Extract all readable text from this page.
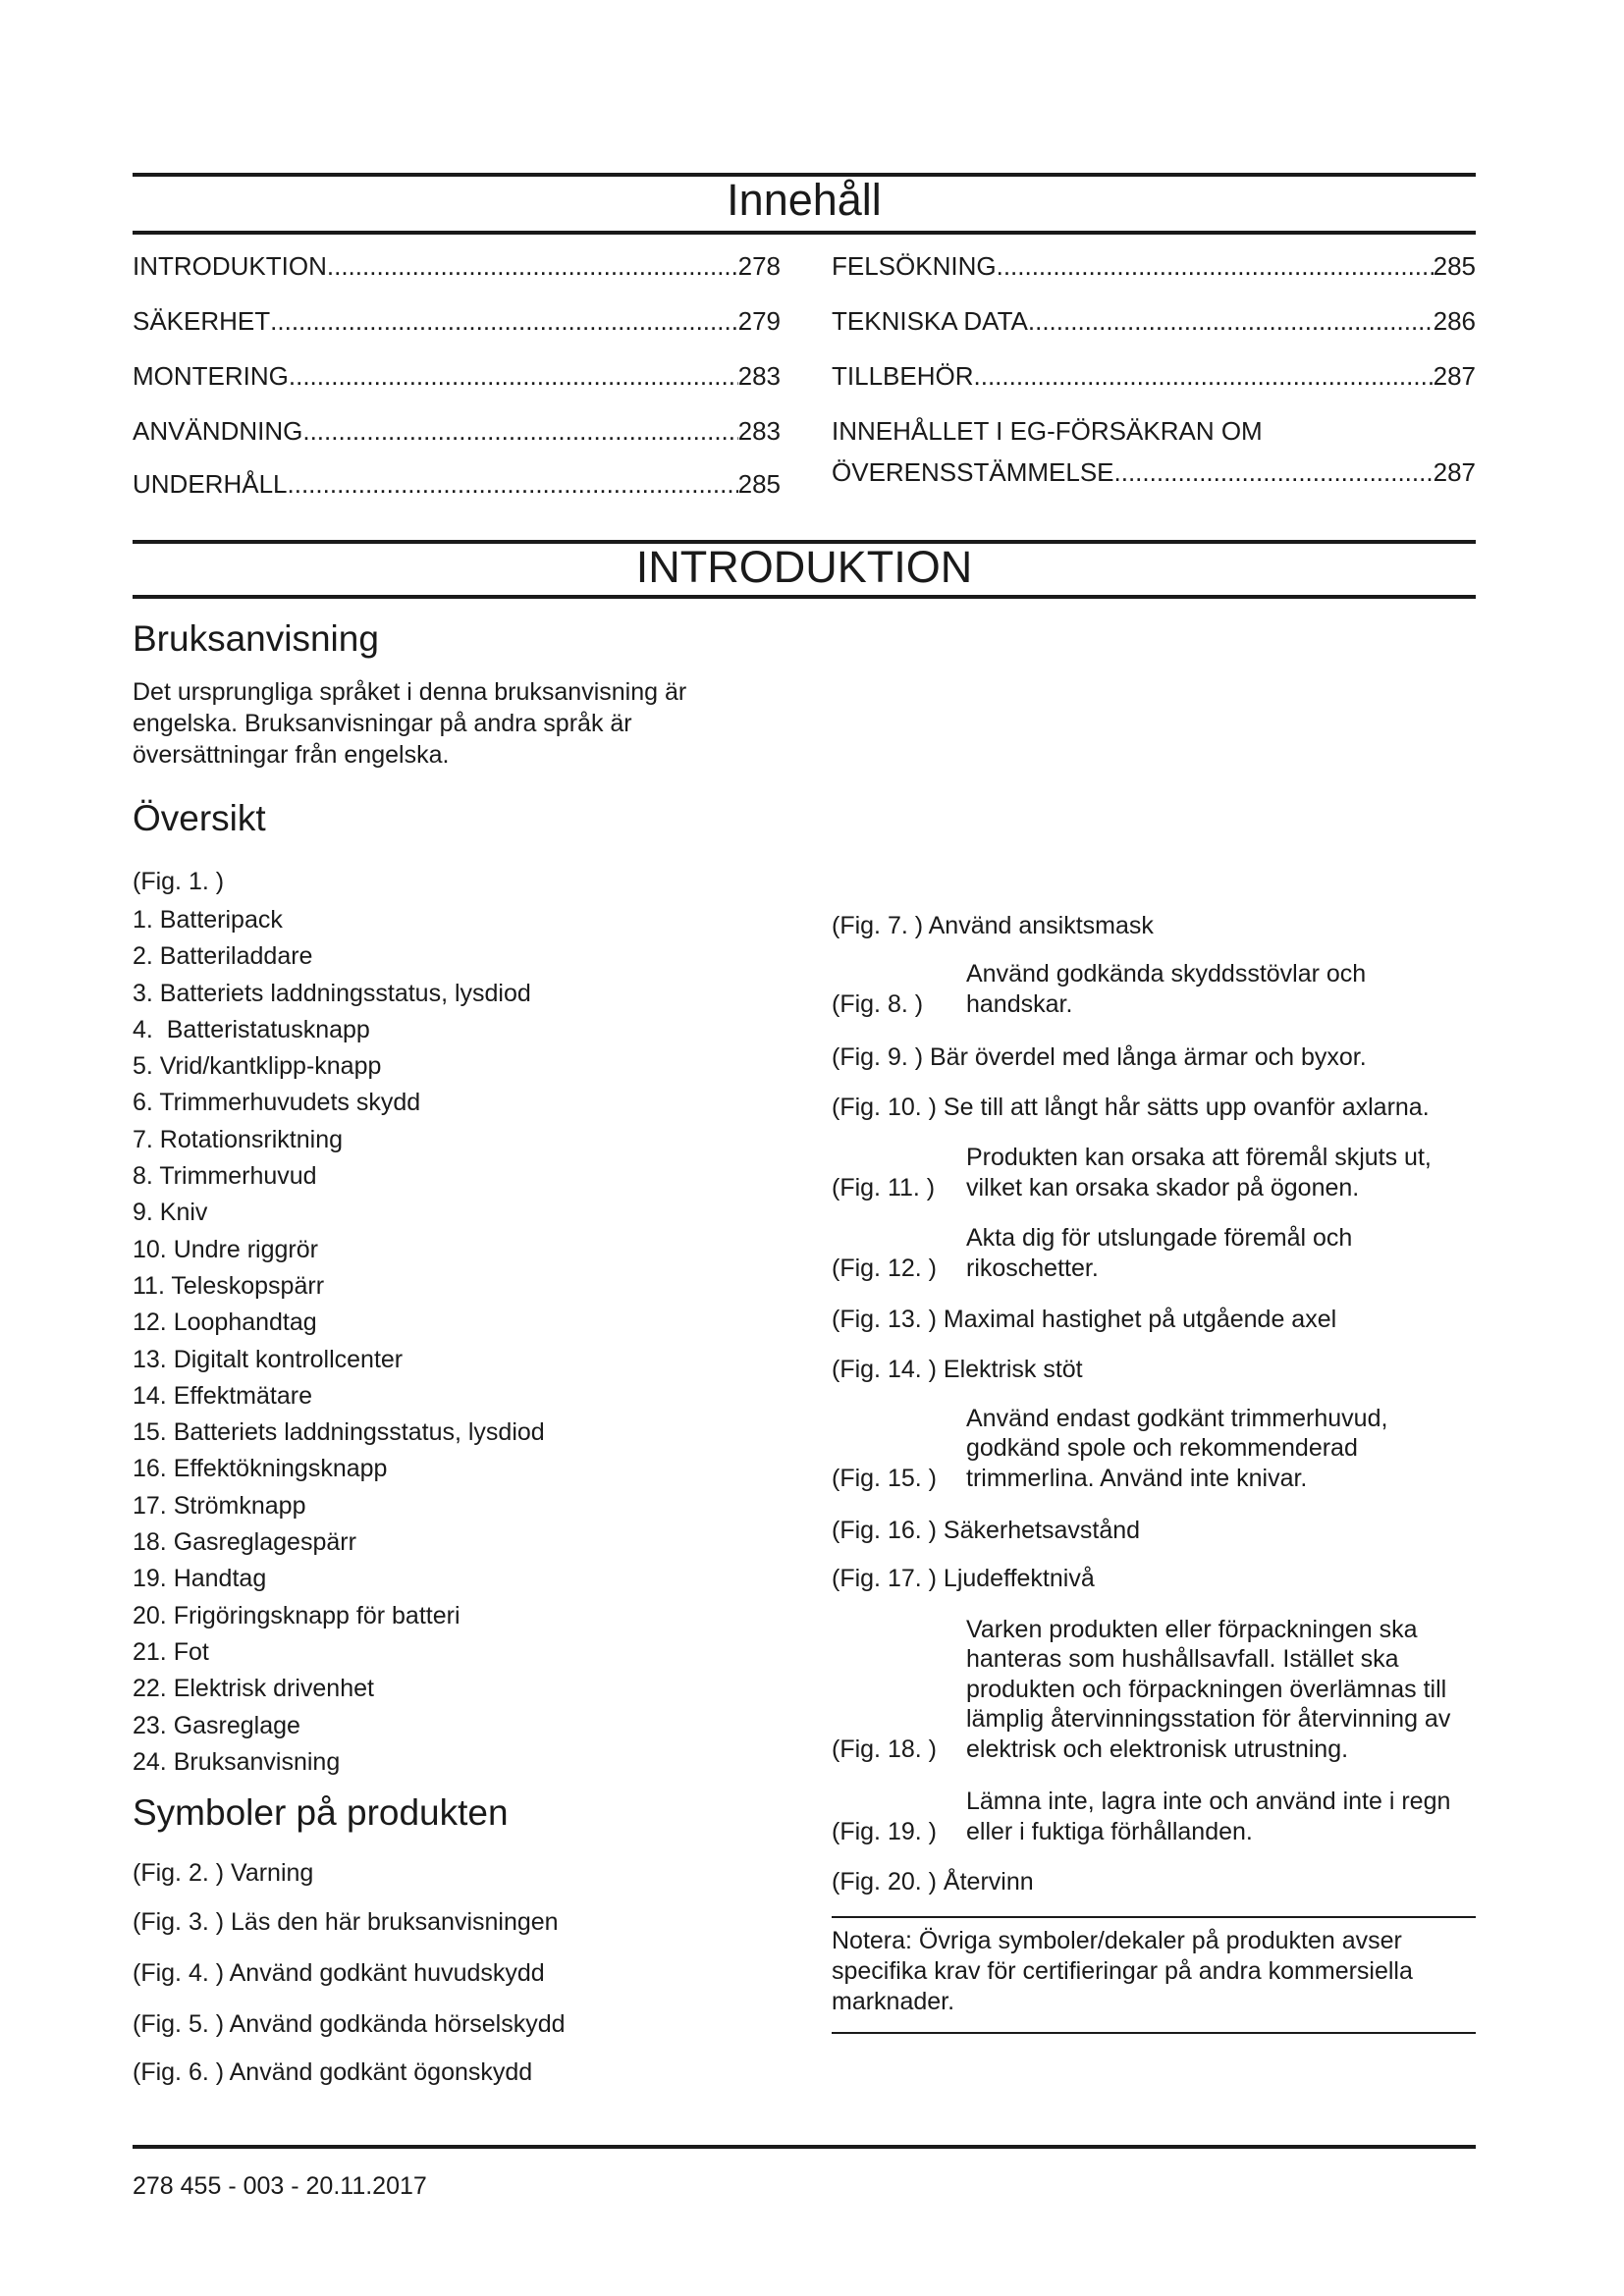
Innehåll
INTRODUKTION .....	278
SÄKERHET .....	279
MONTERING .....	283
ANVÄNDNING .....	283
UNDERHÅLL .....	285
FELSÖKNING .....	285
TEKNISKA DATA .....	286
TILLBEHÖR .....	287
INNEHÅLLET I EG-FÖRSÄKRAN OM
ÖVERENSSTÄMMELSE .....	287
INTRODUKTION
Bruksanvisning
Det ursprungliga språket i denna bruksanvisning är
engelska. Bruksanvisningar på andra språk är
översättningar från engelska.
Översikt
(Fig. 1. )
1. Batteripack
2. Batteriladdare
3. Batteriets laddningsstatus, lysdiod
4.  Batteristatusknapp
5. Vrid/kantklipp-knapp
6. Trimmerhuvudets skydd
7. Rotationsriktning
8. Trimmerhuvud
9. Kniv
10. Undre riggrör
11. Teleskopspärr
12. Loophandtag
13. Digitalt kontrollcenter
14. Effektmätare
15. Batteriets laddningsstatus, lysdiod
16. Effektökningsknapp
17. Strömknapp
18. Gasreglagespärr
19. Handtag
20. Frigöringsknapp för batteri
21. Fot
22. Elektrisk drivenhet
23. Gasreglage
24. Bruksanvisning
Symboler på produkten
(Fig. 2. ) Varning
(Fig. 3. ) Läs den här bruksanvisningen
(Fig. 4. ) Använd godkänt huvudskydd
(Fig. 5. ) Använd godkända hörselskydd
(Fig. 6. ) Använd godkänt ögonskydd
(Fig. 7. ) Använd ansiktsmask
(Fig. 8. )
Använd godkända skyddsstövlar och
handskar.
(Fig. 9. ) Bär överdel med långa ärmar och byxor.
(Fig. 10. ) Se till att långt hår sätts upp ovanför axlarna.
(Fig. 11. )
Produkten kan orsaka att föremål skjuts ut,
vilket kan orsaka skador på ögonen.
(Fig. 12. )
Akta dig för utslungade föremål och
rikoschetter.
(Fig. 13. ) Maximal hastighet på utgående axel
(Fig. 14. ) Elektrisk stöt
(Fig. 15. )
Använd endast godkänt trimmerhuvud,
godkänd spole och rekommenderad
trimmerlina. Använd inte knivar.
(Fig. 16. ) Säkerhetsavstånd
(Fig. 17. ) Ljudeffektnivå
(Fig. 18. )
Varken produkten eller förpackningen ska
hanteras som hushållsavfall. Istället ska
produkten och förpackningen överlämnas till
lämplig återvinningsstation för återvinning av
elektrisk och elektronisk utrustning.
(Fig. 19. )
Lämna inte, lagra inte och använd inte i regn
eller i fuktiga förhållanden.
(Fig. 20. ) Återvinn
Notera: Övriga symboler/dekaler på produkten avser
specifika krav för certifieringar på andra kommersiella
marknader.
278 455 - 003 - 20.11.2017
